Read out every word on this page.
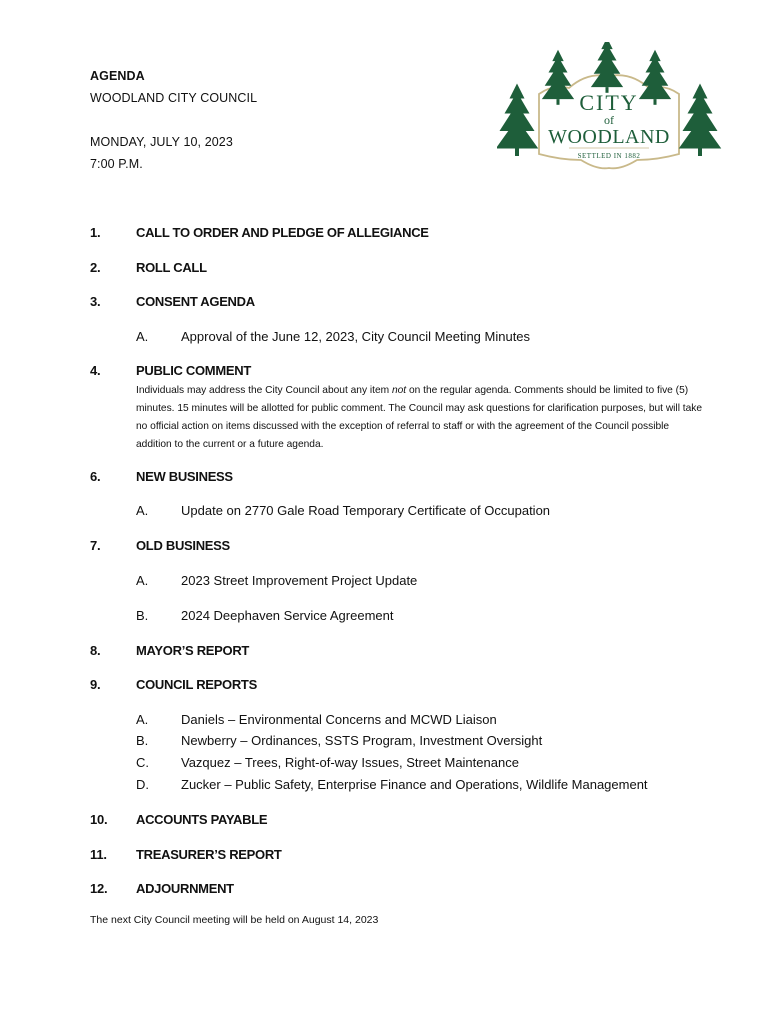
AGENDA
WOODLAND CITY COUNCIL
MONDAY, JULY 10, 2023
7:00 P.M.
CITY
of
WOODLAND
SETTLED IN 1882
1.	CALL TO ORDER AND PLEDGE OF ALLEGIANCE
2.	ROLL CALL
3.	CONSENT AGENDA
A.	Approval of the June 12, 2023, City Council Meeting Minutes
4.	PUBLIC COMMENT
Individuals may address the City Council about any item not on the regular agenda. Comments should be limited to five (5) minutes. 15 minutes will be allotted for public comment. The Council may ask questions for clarification purposes, but will take no official action on items discussed with the exception of referral to staff or with the agreement of the Council possible addition to the current or a future agenda.
6.	NEW BUSINESS
A.	Update on 2770 Gale Road Temporary Certificate of Occupation
7.	OLD BUSINESS
A.	2023 Street Improvement Project Update
B.	2024 Deephaven Service Agreement
8.	MAYOR’S REPORT
9.	COUNCIL REPORTS
A.	Daniels – Environmental Concerns and MCWD Liaison
B.	Newberry – Ordinances, SSTS Program, Investment Oversight
C. Vazquez – Trees, Right-of-way Issues, Street Maintenance
D. Zucker – Public Safety, Enterprise Finance and Operations, Wildlife Management
10. ACCOUNTS PAYABLE
11. TREASURER’S REPORT
12. ADJOURNMENT
The next City Council meeting will be held on August 14, 2023
